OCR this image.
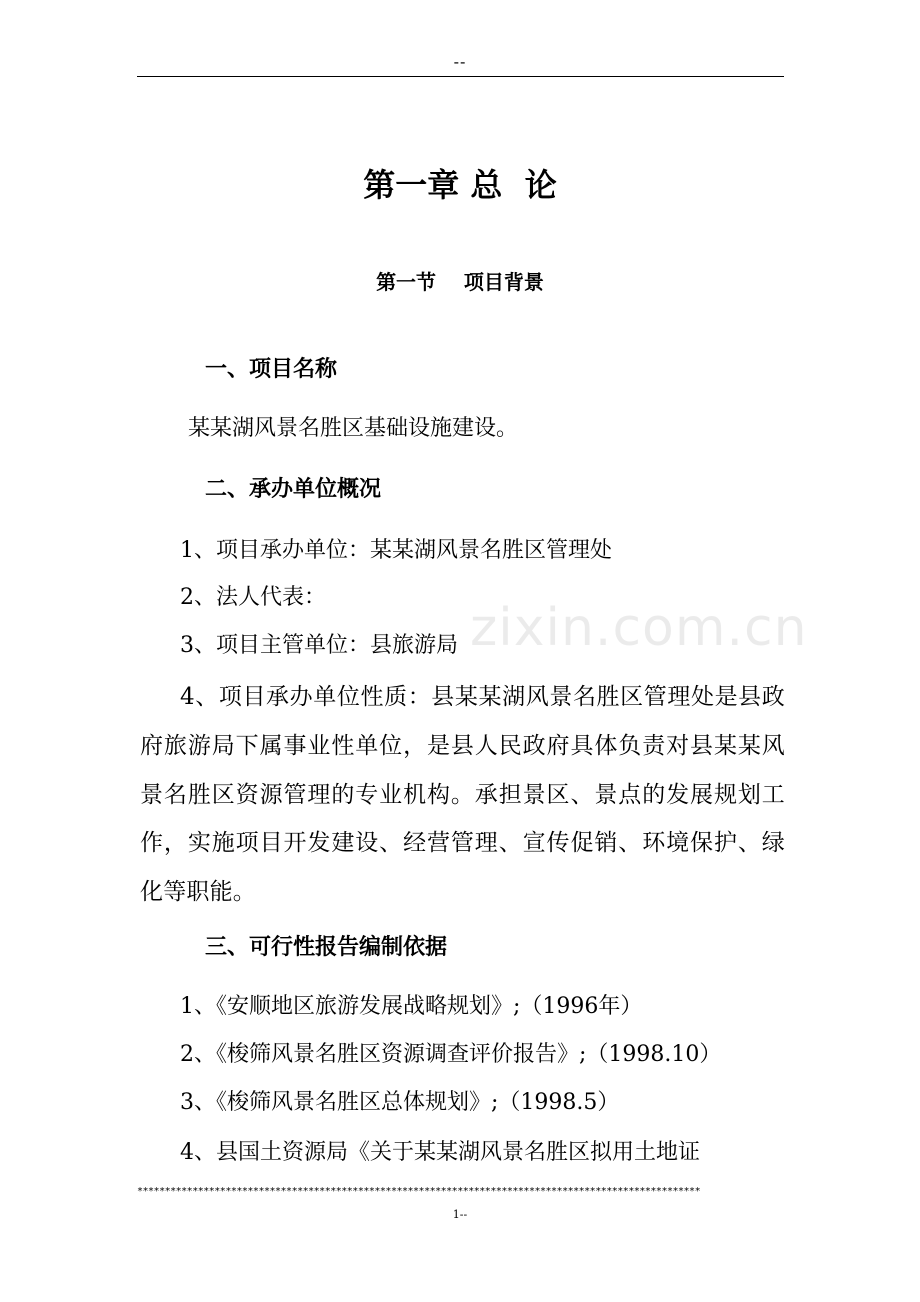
--
zixin.com.cn
第一章 总  论
第一节    项目背景
一、项目名称
某某湖风景名胜区基础设施建设。
二、承办单位概况
1、项目承办单位：某某湖风景名胜区管理处
2、法人代表：
3、项目主管单位：县旅游局
4、项目承办单位性质：县某某湖风景名胜区管理处是县政府旅游局下属事业性单位，是县人民政府具体负责对县某某风景名胜区资源管理的专业机构。承担景区、景点的发展规划工作，实施项目开发建设、经营管理、宣传促销、环境保护、绿化等职能。
三、可行性报告编制依据
1、《安顺地区旅游发展战略规划》;（1996年）
2、《梭筛风景名胜区资源调查评价报告》;（1998.10）
3、《梭筛风景名胜区总体规划》;（1998.5）
4、县国土资源局《关于某某湖风景名胜区拟用土地证
******************************************************************************************************
1--
